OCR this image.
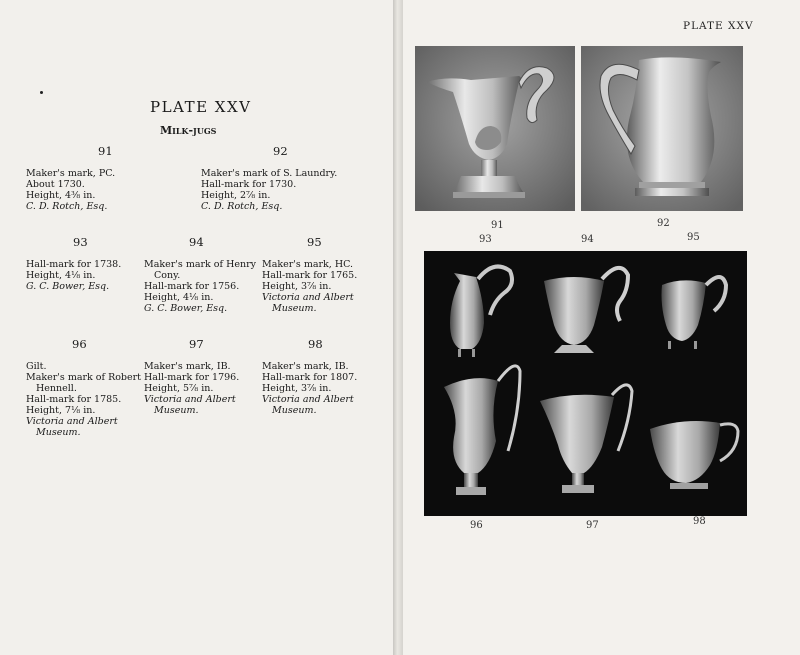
PLATE XXV
Milk-jugs
91
Maker's mark, PC.
About 1730.
Height, 4⅜ in.
C. D. Rotch, Esq.
92
Maker's mark of S. Laundry.
Hall-mark for 1730.
Height, 2⅞ in.
C. D. Rotch, Esq.
93
Hall-mark for 1738.
Height, 4⅛ in.
G. C. Bower, Esq.
94
Maker's mark of Henry
Cony.
Hall-mark for 1756.
Height, 4⅛ in.
G. C. Bower, Esq.
95
Maker's mark, HC.
Hall-mark for 1765.
Height, 3⅞ in.
Victoria and Albert
Museum.
96
Gilt.
Maker's mark of Robert
Hennell.
Hall-mark for 1785.
Height, 7⅛ in.
Victoria and Albert
Museum.
97
Maker's mark, IB.
Hall-mark for 1796.
Height, 5⅞ in.
Victoria and Albert
Museum.
98
Maker's mark, IB.
Hall-mark for 1807.
Height, 3⅞ in.
Victoria and Albert
Museum.
PLATE XXV
91	92
93	94	95
96	97	98
